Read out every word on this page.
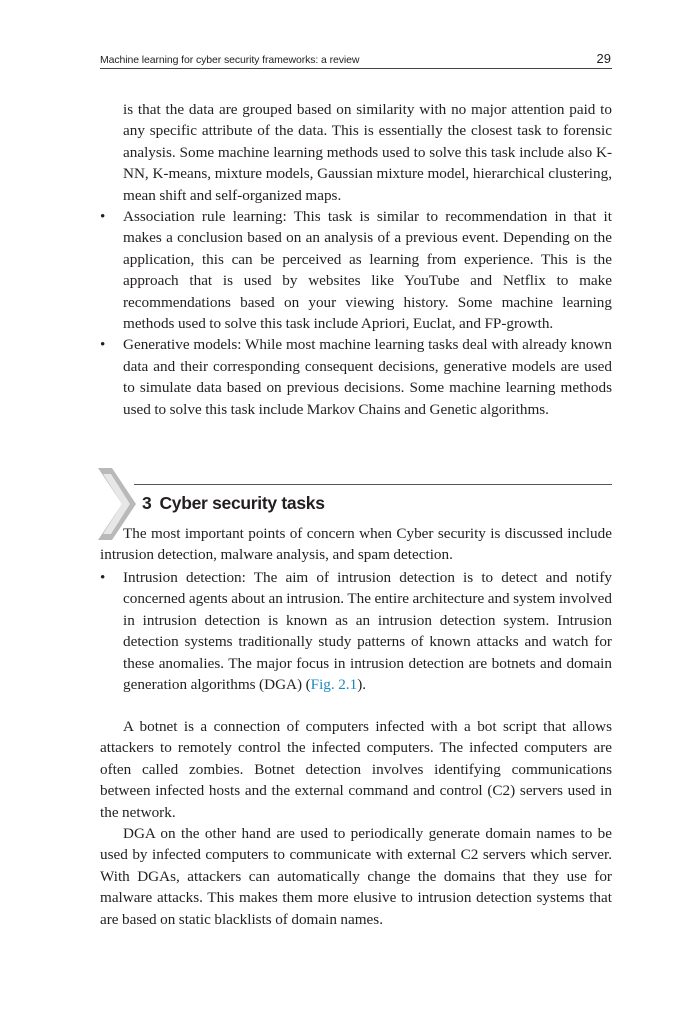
Machine learning for cyber security frameworks: a review	29

is that the data are grouped based on similarity with no major attention paid to any specific attribute of the data. This is essentially the closest task to forensic analysis. Some machine learning methods used to solve this task include also K-NN, K-means, mixture models, Gaussian mixture model, hierarchical clustering, mean shift and self-organized maps.

• Association rule learning: This task is similar to recommendation in that it makes a conclusion based on an analysis of a previous event. Depending on the application, this can be perceived as learning from experience. This is the approach that is used by websites like YouTube and Netflix to make recommendations based on your viewing history. Some machine learning methods used to solve this task include Apriori, Euclat, and FP-growth.
• Generative models: While most machine learning tasks deal with already known data and their corresponding consequent decisions, generative models are used to simulate data based on previous decisions. Some machine learning methods used to solve this task include Markov Chains and Genetic algorithms.
3 Cyber security tasks

The most important points of concern when Cyber security is discussed include intrusion detection, malware analysis, and spam detection.

• Intrusion detection: The aim of intrusion detection is to detect and notify concerned agents about an intrusion. The entire architecture and system involved in intrusion detection is known as an intrusion detection system. Intrusion detection systems traditionally study patterns of known attacks and watch for these anomalies. The major focus in intrusion detection are botnets and domain generation algorithms (DGA) (Fig. 2.1).

A botnet is a connection of computers infected with a bot script that allows attackers to remotely control the infected computers. The infected computers are often called zombies. Botnet detection involves identifying communications between infected hosts and the external command and control (C2) servers used in the network.

DGA on the other hand are used to periodically generate domain names to be used by infected computers to communicate with external C2 servers which server. With DGAs, attackers can automatically change the domains that they use for malware attacks. This makes them more elusive to intrusion detection systems that are based on static blacklists of domain names.
